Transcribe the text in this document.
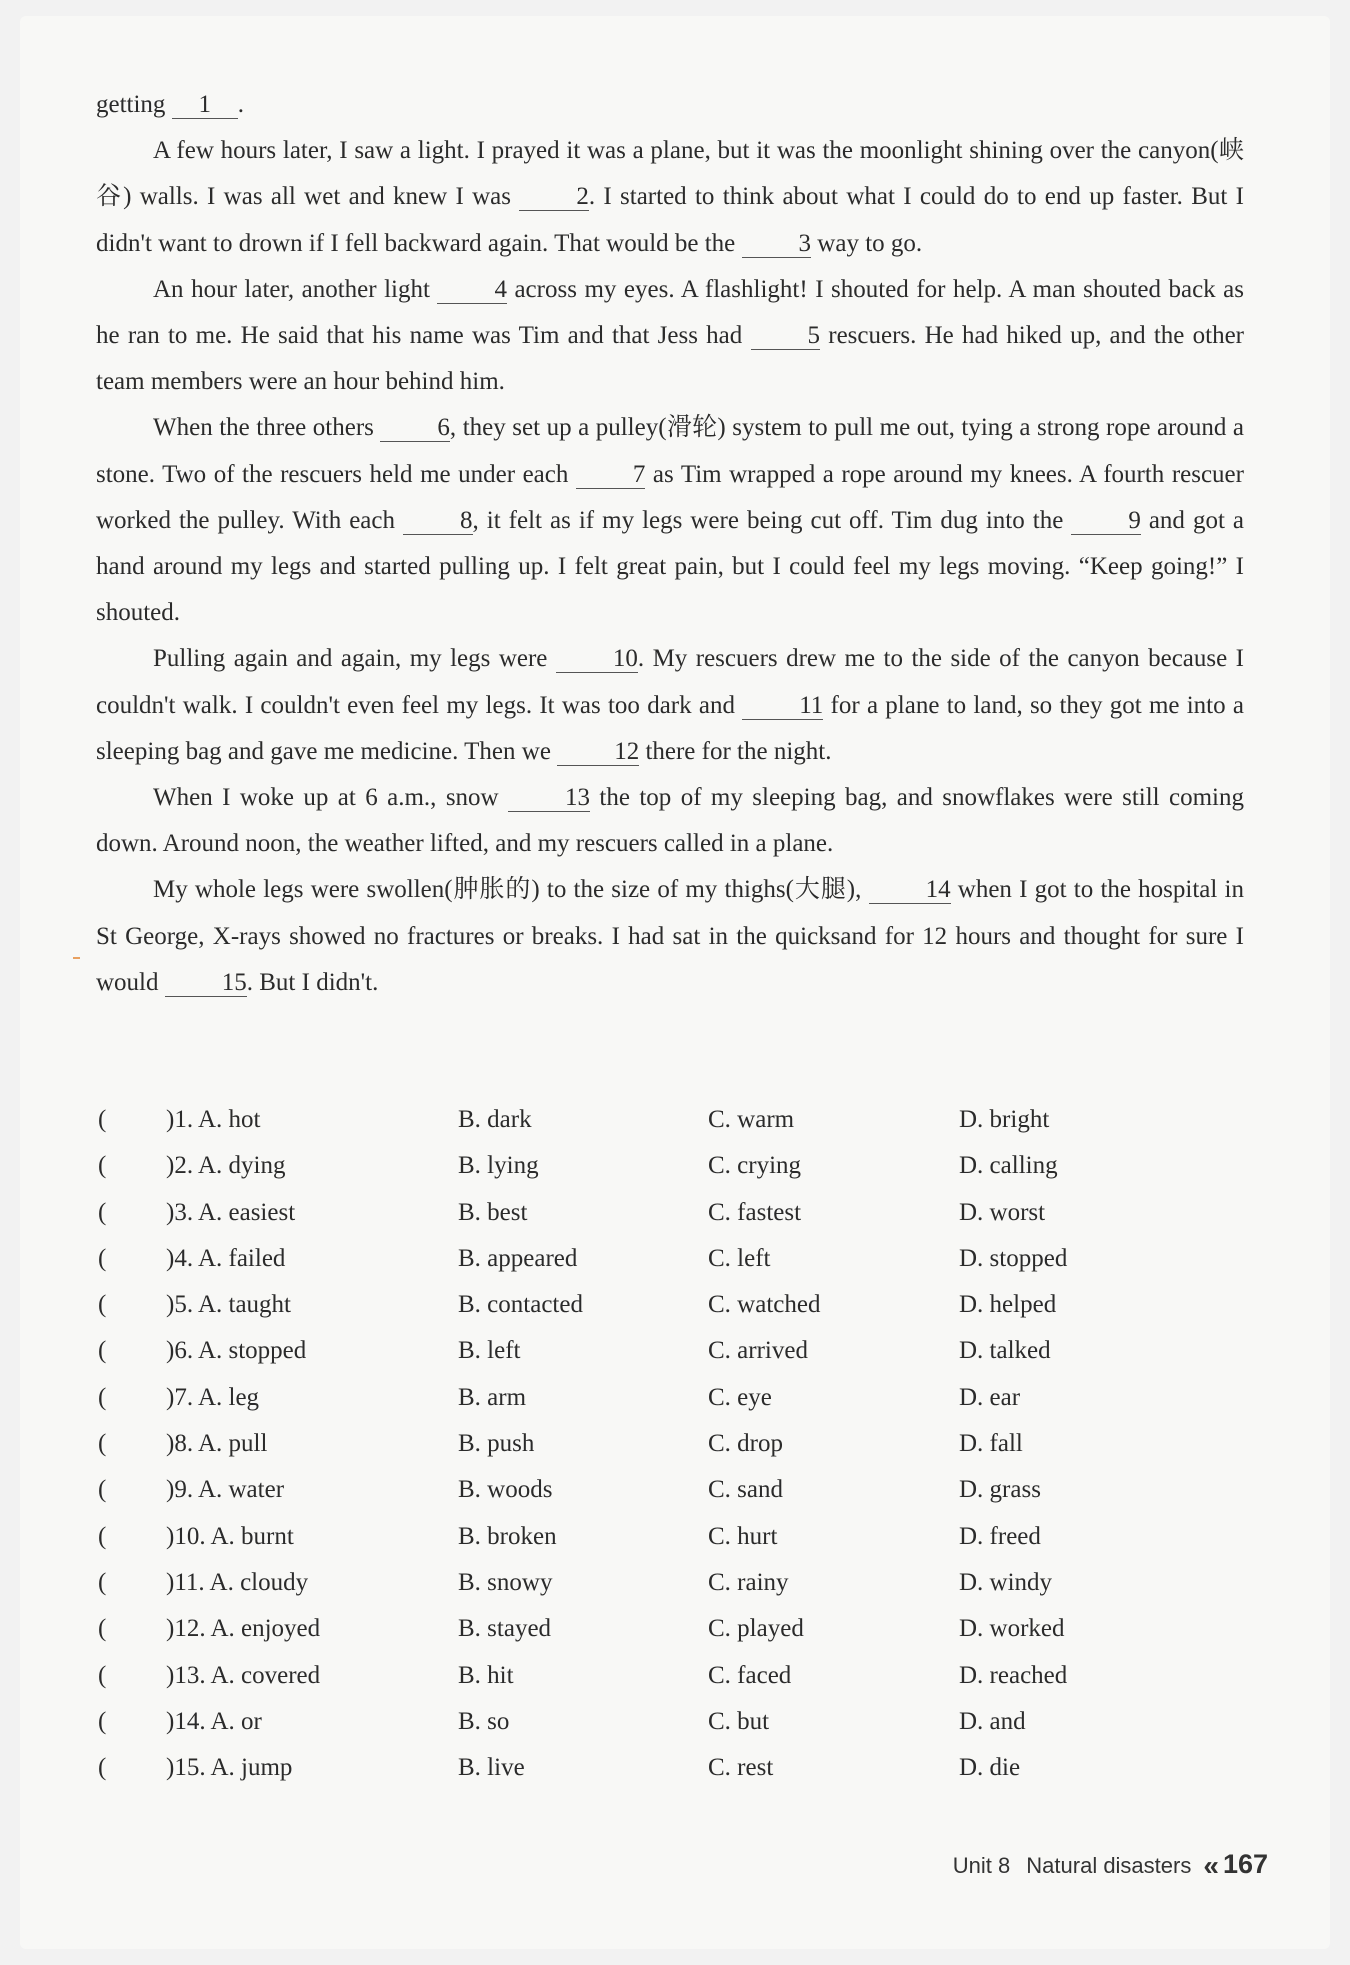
getting 1 .

A few hours later, I saw a light. I prayed it was a plane, but it was the moonlight shining over the canyon(峡谷) walls. I was all wet and knew I was 2. I started to think about what I could do to end up faster. But I didn't want to drown if I fell backward again. That would be the 3 way to go.

An hour later, another light 4 across my eyes. A flashlight! I shouted for help. A man shouted back as he ran to me. He said that his name was Tim and that Jess had 5 rescuers. He had hiked up, and the other team members were an hour behind him.

When the three others 6, they set up a pulley(滑轮) system to pull me out, tying a strong rope around a stone. Two of the rescuers held me under each 7 as Tim wrapped a rope around my knees. A fourth rescuer worked the pulley. With each 8, it felt as if my legs were being cut off. Tim dug into the 9 and got a hand around my legs and started pulling up. I felt great pain, but I could feel my legs moving. “Keep going!” I shouted.

Pulling again and again, my legs were 10. My rescuers drew me to the side of the canyon because I couldn't walk. I couldn't even feel my legs. It was too dark and 11 for a plane to land, so they got me into a sleeping bag and gave me medicine. Then we 12 there for the night.

When I woke up at 6 a.m., snow 13 the top of my sleeping bag, and snowflakes were still coming down. Around noon, the weather lifted, and my rescuers called in a plane.

My whole legs were swollen(肿胀的) to the size of my thighs(大腿), 14 when I got to the hospital in St George, X-rays showed no fractures or breaks. I had sat in the quicksand for 12 hours and thought for sure I would 15. But I didn't.

( )1. A. hot	B. dark	C. warm	D. bright
( )2. A. dying	B. lying	C. crying	D. calling
( )3. A. easiest	B. best	C. fastest	D. worst
( )4. A. failed	B. appeared	C. left	D. stopped
( )5. A. taught	B. contacted	C. watched	D. helped
( )6. A. stopped	B. left	C. arrived	D. talked
( )7. A. leg	B. arm	C. eye	D. ear
( )8. A. pull	B. push	C. drop	D. fall
( )9. A. water	B. woods	C. sand	D. grass
( )10. A. burnt	B. broken	C. hurt	D. freed
( )11. A. cloudy	B. snowy	C. rainy	D. windy
( )12. A. enjoyed	B. stayed	C. played	D. worked
( )13. A. covered	B. hit	C. faced	D. reached
( )14. A. or	B. so	C. but	D. and
( )15. A. jump	B. live	C. rest	D. die
Unit 8 Natural disasters « 167
